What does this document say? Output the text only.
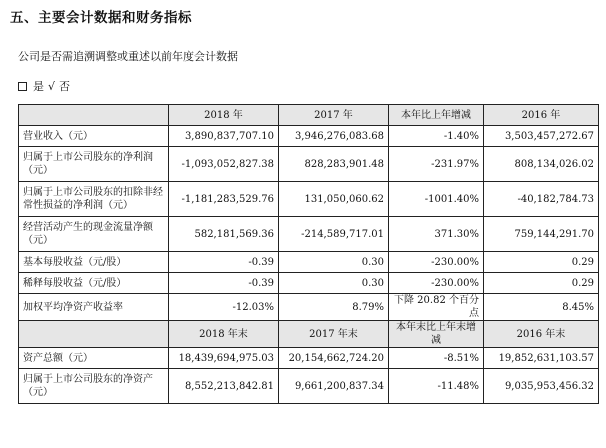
五、主要会计数据和财务指标
公司是否需追溯调整或重述以前年度会计数据
是 √ 否
	2018 年	2017 年	本年比上年增减	2016 年
营业收入（元）	3,890,837,707.10	3,946,276,083.68	-1.40%	3,503,457,272.67
归属于上市公司股东的净利润（元）	-1,093,052,827.38	828,283,901.48	-231.97%	808,134,026.02
归属于上市公司股东的扣除非经常性损益的净利润（元）	-1,181,283,529.76	131,050,060.62	-1001.40%	-40,182,784.73
经营活动产生的现金流量净额（元）	582,181,569.36	-214,589,717.01	371.30%	759,144,291.70
基本每股收益（元/股）	-0.39	0.30	-230.00%	0.29
稀释每股收益（元/股）	-0.39	0.30	-230.00%	0.29
加权平均净资产收益率	-12.03%	8.79%	下降 20.82 个百分点	8.45%
	2018 年末	2017 年末	本年末比上年末增减	2016 年末
资产总额（元）	18,439,694,975.03	20,154,662,724.20	-8.51%	19,852,631,103.57
归属于上市公司股东的净资产（元）	8,552,213,842.81	9,661,200,837.34	-11.48%	9,035,953,456.32
